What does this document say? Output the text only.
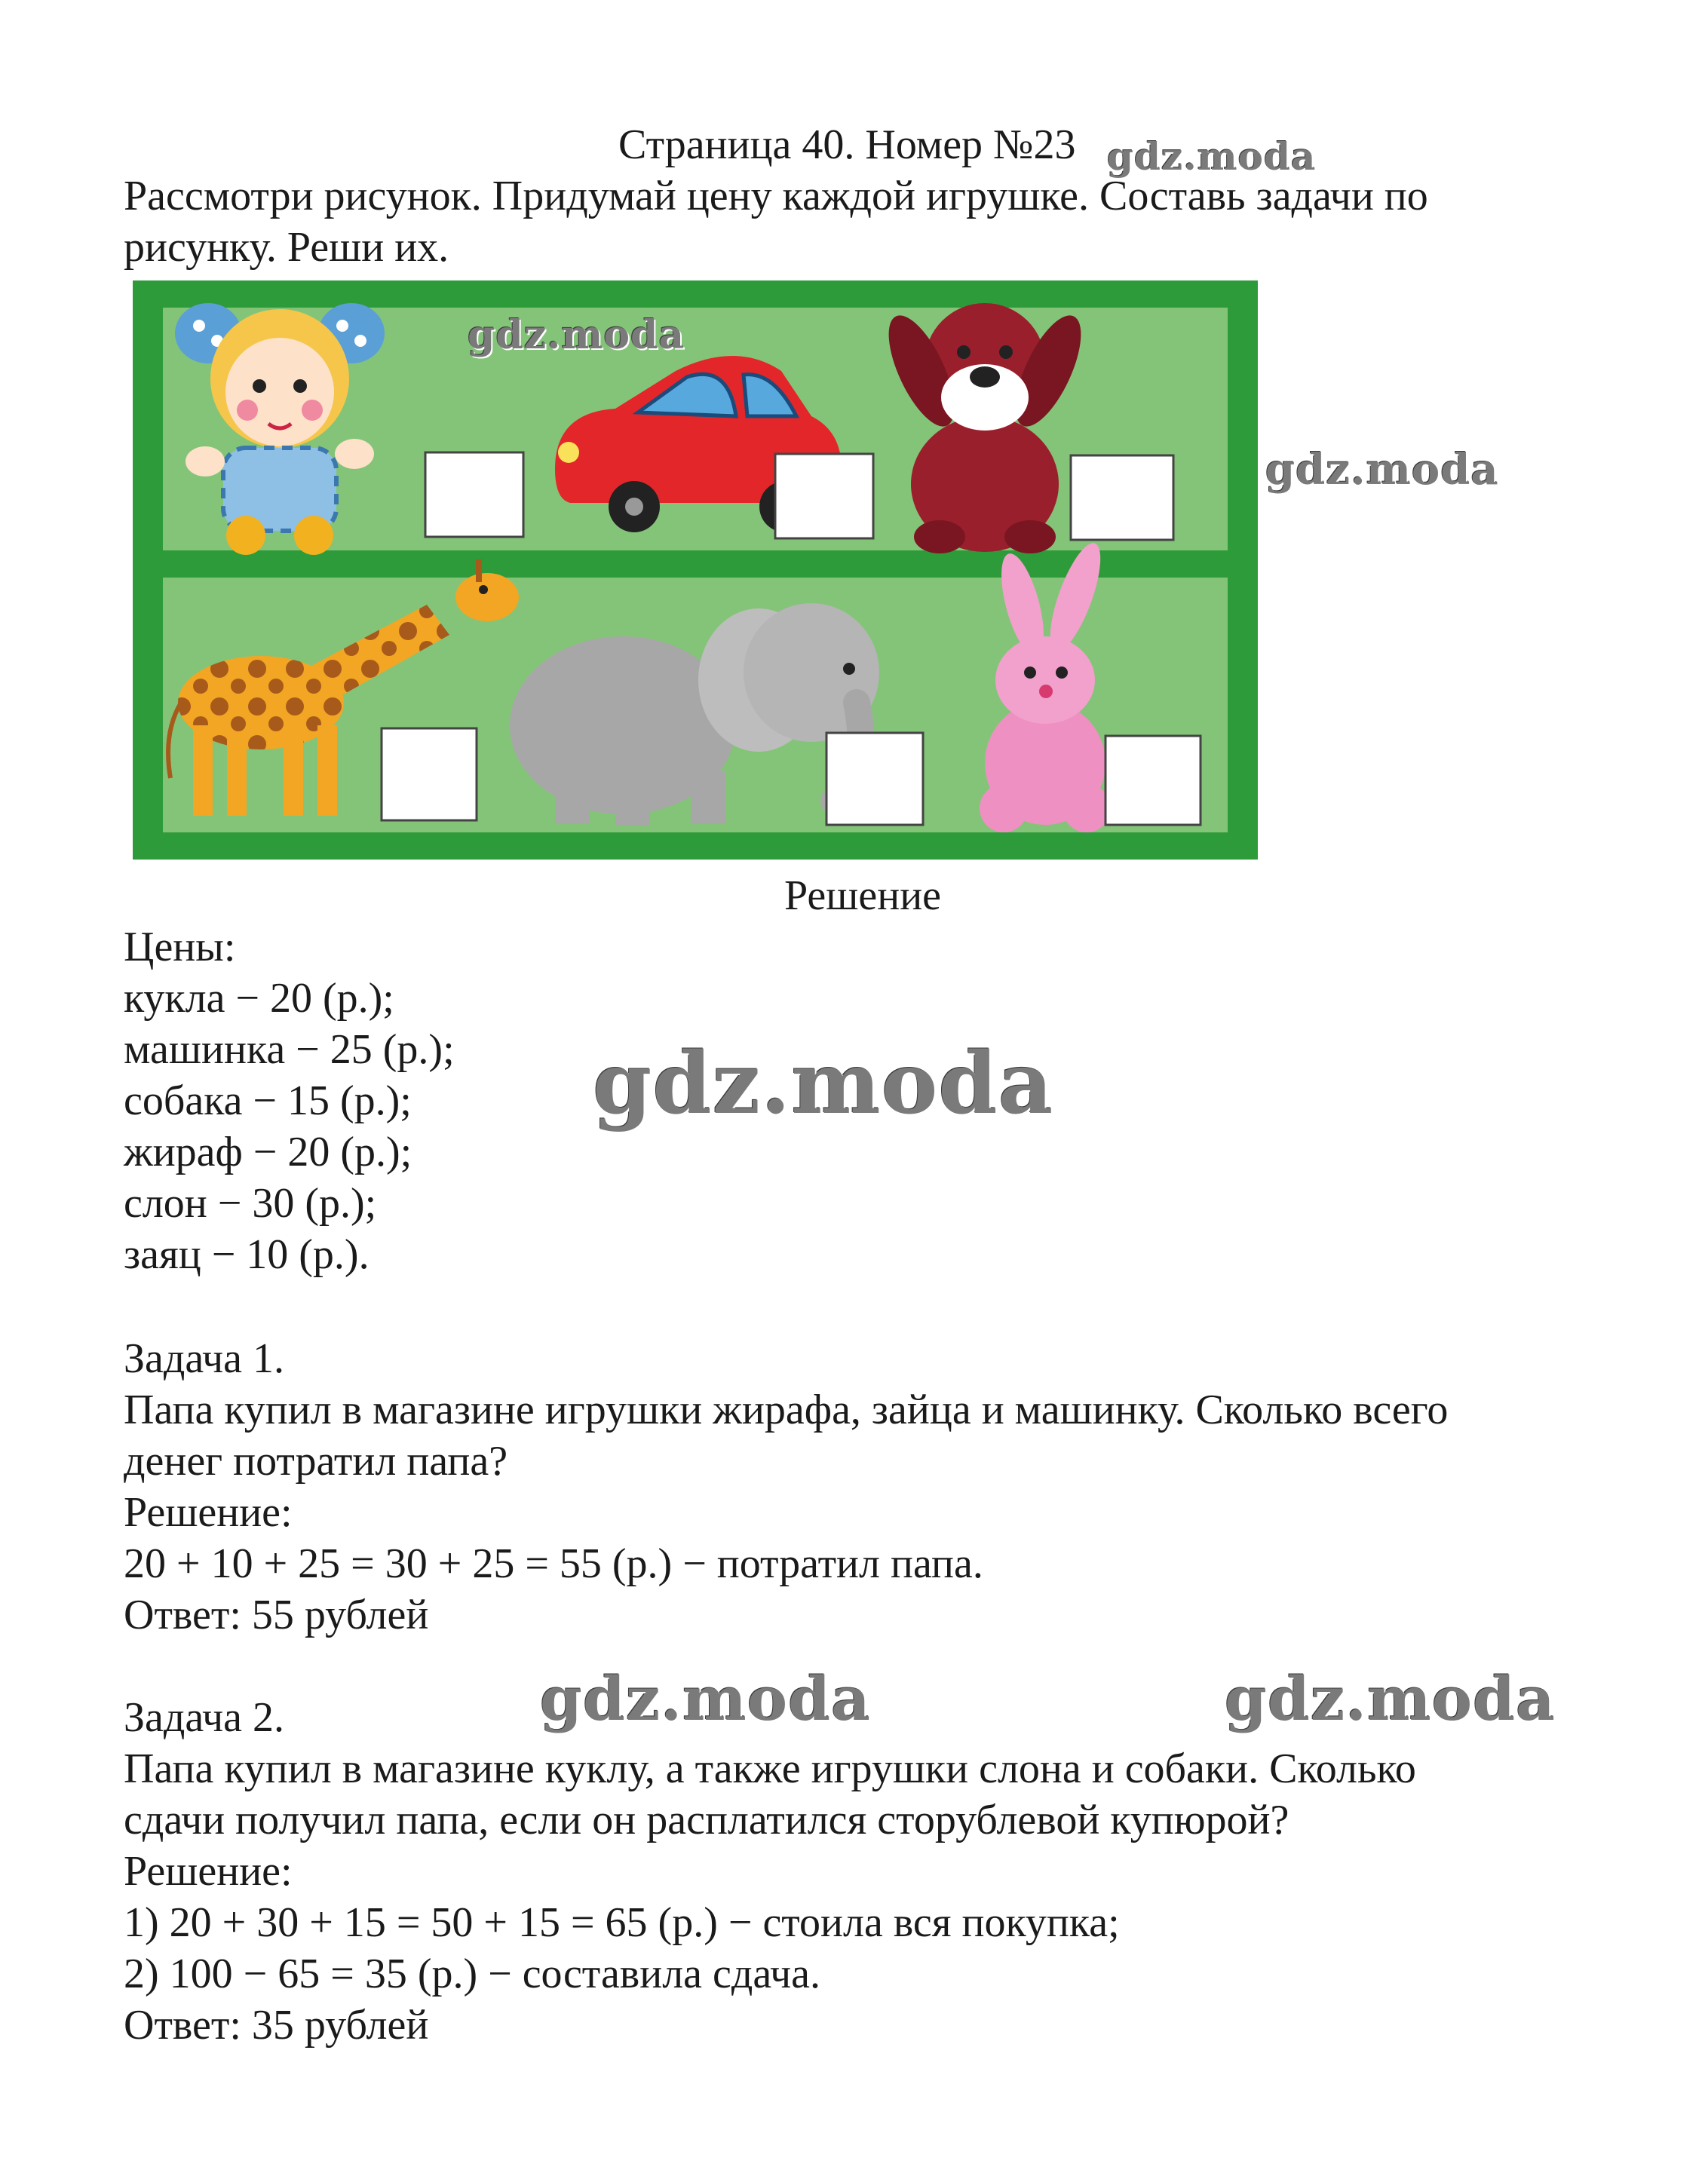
Страница 40. Номер №23 gdz.moda
Рассмотри рисунок. Придумай цену каждой игрушке. Составь задачи по
рисунку. Реши их.
gdz.moda
gdz.moda
Решение
Цены:
кукла − 20 (р.);
машинка − 25 (р.);
собака − 15 (р.);
жираф − 20 (р.);
слон − 30 (р.);
заяц − 10 (р.).
gdz.moda
Задача 1.
Папа купил в магазине игрушки жирафа, зайца и машинку. Сколько всего
денег потратил папа?
Решение:
20 + 10 + 25 = 30 + 25 = 55 (р.) − потратил папа.
Ответ: 55 рублей
Задача 2.	gdz.moda	gdz.moda
Папа купил в магазине куклу, а также игрушки слона и собаки. Сколько
сдачи получил папа, если он расплатился сторублевой купюрой?
Решение:
1) 20 + 30 + 15 = 50 + 15 = 65 (р.) − стоила вся покупка;
2) 100 − 65 = 35 (р.) − составила сдача.
Ответ: 35 рублей
